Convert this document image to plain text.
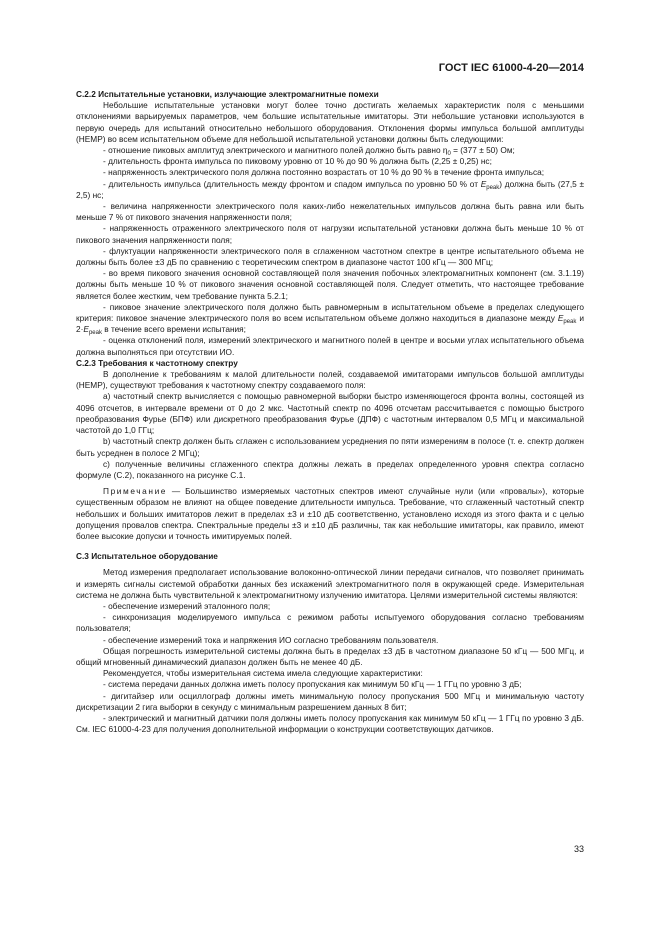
ГОСТ IEC 61000-4-20—2014

C.2.2 Испытательные установки, излучающие электромагнитные помехи

Небольшие испытательные установки могут более точно достигать желаемых характеристик поля с меньшими отклонениями варьируемых параметров, чем большие испытательные имитаторы. Эти небольшие установки используются в первую очередь для испытаний относительно небольшого оборудования. Отклонения формы импульса большой амплитуды (HEMP) во всем испытательном объеме для небольшой испытательной установки должны быть следующими:

- отношение пиковых амплитуд электрического и магнитного полей должно быть равно $\eta_0 = (377 \pm 50)$ Ом;

- длительность фронта импульса по пиковому уровню от 10 % до 90 % должна быть (2,25 ± 0,25) нс;

- напряженность электрического поля должна постоянно возрастать от 10 % до 90 % в течение фронта импульса;

- длительность импульса (длительность между фронтом и спадом импульса по уровню 50 % от $E_{peak}$) должна быть (27,5 ± 2,5) нс;

- величина напряженности электрического поля каких-либо нежелательных импульсов должна быть равна или быть меньше 7 % от пикового значения напряженности поля;

- напряженность отраженного электрического поля от нагрузки испытательной установки должна быть меньше 10 % от пикового значения напряженности поля;

- флуктуации напряженности электрического поля в сглаженном частотном спектре в центре испытательного объема не должны быть более ±3 дБ по сравнению с теоретическим спектром в диапазоне частот 100 кГц — 300 МГц;

- во время пикового значения основной составляющей поля значения побочных электромагнитных компонент (см. 3.1.19) должны быть меньше 10 % от пикового значения основной составляющей поля. Следует отметить, что настоящее требование является более жестким, чем требование пункта 5.2.1;

- пиковое значение электрического поля должно быть равномерным в испытательном объеме в пределах следующего критерия: пиковое значение электрического поля во всем испытательном объеме должно находиться в диапазоне между $E_{peak}$ и $2\cdot E_{peak}$ в течение всего времени испытания;

- оценка отклонений поля, измерений электрического и магнитного полей в центре и восьми углах испытательного объема должна выполняться при отсутствии ИО.

C.2.3 Требования к частотному спектру

В дополнение к требованиям к малой длительности полей, создаваемой имитаторами импульсов большой амплитуды (HEMP), существуют требования к частотному спектру создаваемого поля:

а) частотный спектр вычисляется с помощью равномерной выборки быстро изменяющегося фронта волны, состоящей из 4096 отсчетов, в интервале времени от 0 до 2 мкс. Частотный спектр по 4096 отсчетам рассчитывается с помощью быстрого преобразования Фурье (БПФ) или дискретного преобразования Фурье (ДПФ) с частотным интервалом 0,5 МГц и максимальной частотой до 1,0 ГГц;

b) частотный спектр должен быть сглажен с использованием усреднения по пяти измерениям в полосе (т. е. спектр должен быть усреднен в полосе 2 МГц);

c) полученные величины сглаженного спектра должны лежать в пределах определенного уровня спектра согласно формуле (С.2), показанного на рисунке С.1.

Примечание — Большинство измеряемых частотных спектров имеют случайные нули (или «провалы»), которые существенным образом не влияют на общее поведение длительности импульса. Требование, что сглаженный частотный спектр небольших и больших имитаторов лежит в пределах ±3 и ±10 дБ соответственно, установлено исходя из этого факта и с целью допущения провалов спектра. Спектральные пределы ±3 и ±10 дБ различны, так как небольшие имитаторы, как правило, имеют более высокие допуски и точность имитируемых полей.

C.3 Испытательное оборудование

Метод измерения предполагает использование волоконно-оптической линии передачи сигналов, что позволяет принимать и измерять сигналы системой обработки данных без искажений электромагнитного поля в окружающей среде. Измерительная система не должна быть чувствительной к электромагнитному излучению имитатора. Целями измерительной системы являются:

- обеспечение измерений эталонного поля;

- синхронизация моделируемого импульса с режимом работы испытуемого оборудования согласно требованиям пользователя;

- обеспечение измерений тока и напряжения ИО согласно требованиям пользователя.

Общая погрешность измерительной системы должна быть в пределах ±3 дБ в частотном диапазоне 50 кГц — 500 МГц, и общий мгновенный динамический диапазон должен быть не менее 40 дБ.

Рекомендуется, чтобы измерительная система имела следующие характеристики:

- система передачи данных должна иметь полосу пропускания как минимум 50 кГц — 1 ГГц по уровню 3 дБ;

- дигитайзер или осциллограф должны иметь минимальную полосу пропускания 500 МГц и минимальную частоту дискретизации 2 гига выборки в секунду с минимальным разрешением данных 8 бит;

- электрический и магнитный датчики поля должны иметь полосу пропускания как минимум 50 кГц — 1 ГГц по уровню 3 дБ. См. IEC 61000-4-23 для получения дополнительной информации о конструкции соответствующих датчиков.

33
